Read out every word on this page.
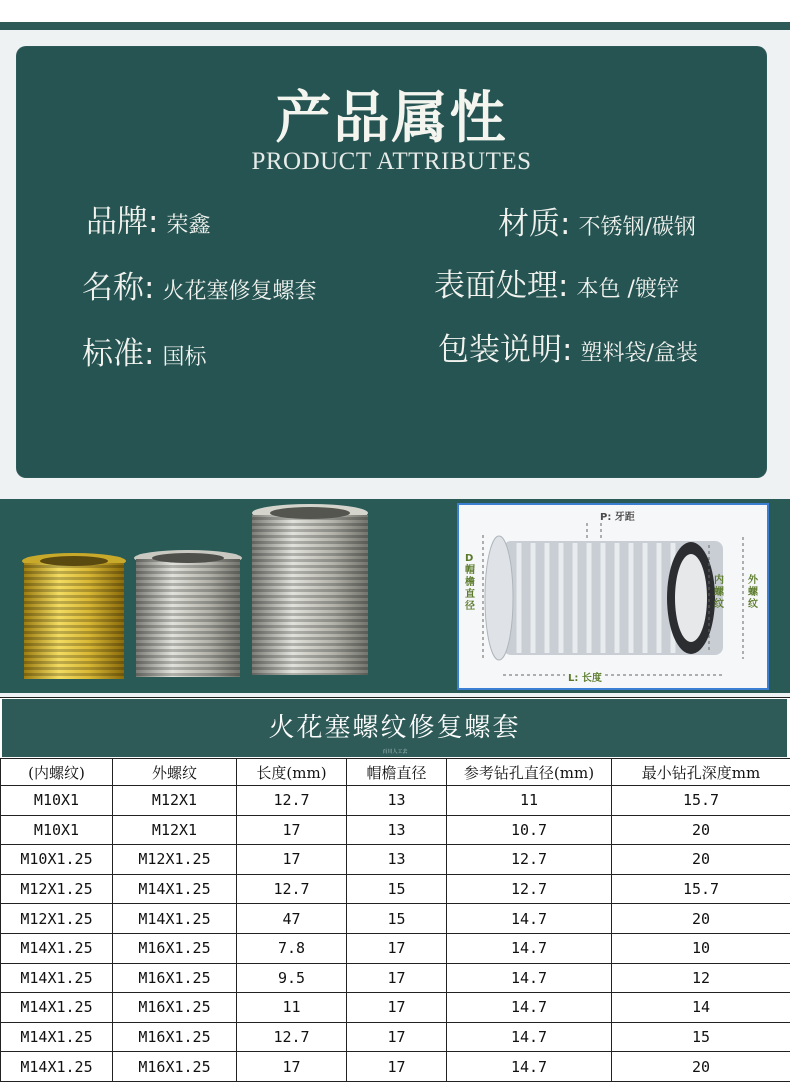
产品属性
PRODUCT ATTRIBUTES
品牌: 荣鑫	材质: 不锈钢/碳钢
名称: 火花塞修复螺套	表面处理: 本色 /镀锌
标准: 国标	包装说明: 塑料袋/盒装
P: 牙距
D 帽檐直径
内螺纹
外螺纹
L: 长度
火花塞螺纹修复螺套
百川人工去
(内螺纹)	外螺纹	长度(mm)	帽檐直径	参考钻孔直径(mm)	最小钻孔深度mm
M10X1	M12X1	12.7	13	11	15.7
M10X1	M12X1	17	13	10.7	20
M10X1.25	M12X1.25	17	13	12.7	20
M12X1.25	M14X1.25	12.7	15	12.7	15.7
M12X1.25	M14X1.25	47	15	14.7	20
M14X1.25	M16X1.25	7.8	17	14.7	10
M14X1.25	M16X1.25	9.5	17	14.7	12
M14X1.25	M16X1.25	11	17	14.7	14
M14X1.25	M16X1.25	12.7	17	14.7	15
M14X1.25	M16X1.25	17	17	14.7	20
